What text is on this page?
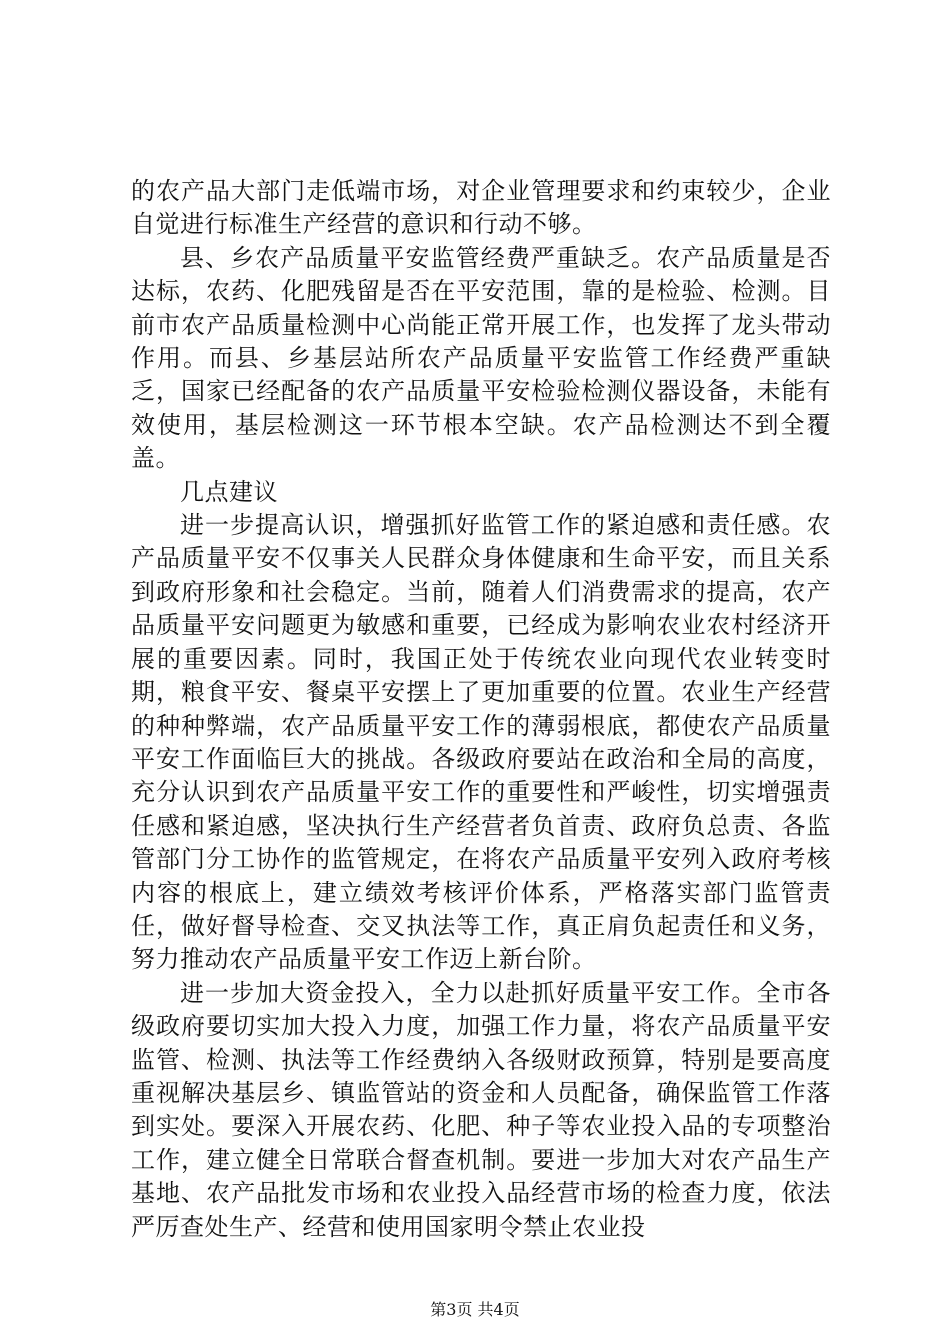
的农产品大部门走低端市场，对企业管理要求和约束较少，企业自觉进行标准生产经营的意识和行动不够。

县、乡农产品质量平安监管经费严重缺乏。农产品质量是否达标，农药、化肥残留是否在平安范围，靠的是检验、检测。目前市农产品质量检测中心尚能正常开展工作，也发挥了龙头带动作用。而县、乡基层站所农产品质量平安监管工作经费严重缺乏，国家已经配备的农产品质量平安检验检测仪器设备，未能有效使用，基层检测这一环节根本空缺。农产品检测达不到全覆盖。

几点建议

进一步提高认识，增强抓好监管工作的紧迫感和责任感。农产品质量平安不仅事关人民群众身体健康和生命平安，而且关系到政府形象和社会稳定。当前，随着人们消费需求的提高，农产品质量平安问题更为敏感和重要，已经成为影响农业农村经济开展的重要因素。同时，我国正处于传统农业向现代农业转变时期，粮食平安、餐桌平安摆上了更加重要的位置。农业生产经营的种种弊端，农产品质量平安工作的薄弱根底，都使农产品质量平安工作面临巨大的挑战。各级政府要站在政治和全局的高度，充分认识到农产品质量平安工作的重要性和严峻性，切实增强责任感和紧迫感，坚决执行生产经营者负首责、政府负总责、各监管部门分工协作的监管规定，在将农产品质量平安列入政府考核内容的根底上，建立绩效考核评价体系，严格落实部门监管责任，做好督导检查、交叉执法等工作，真正肩负起责任和义务，努力推动农产品质量平安工作迈上新台阶。

进一步加大资金投入，全力以赴抓好质量平安工作。全市各级政府要切实加大投入力度，加强工作力量，将农产品质量平安监管、检测、执法等工作经费纳入各级财政预算，特别是要高度重视解决基层乡、镇监管站的资金和人员配备，确保监管工作落到实处。要深入开展农药、化肥、种子等农业投入品的专项整治工作，建立健全日常联合督查机制。要进一步加大对农产品生产基地、农产品批发市场和农业投入品经营市场的检查力度，依法严厉查处生产、经营和使用国家明令禁止农业投

第3页 共4页
